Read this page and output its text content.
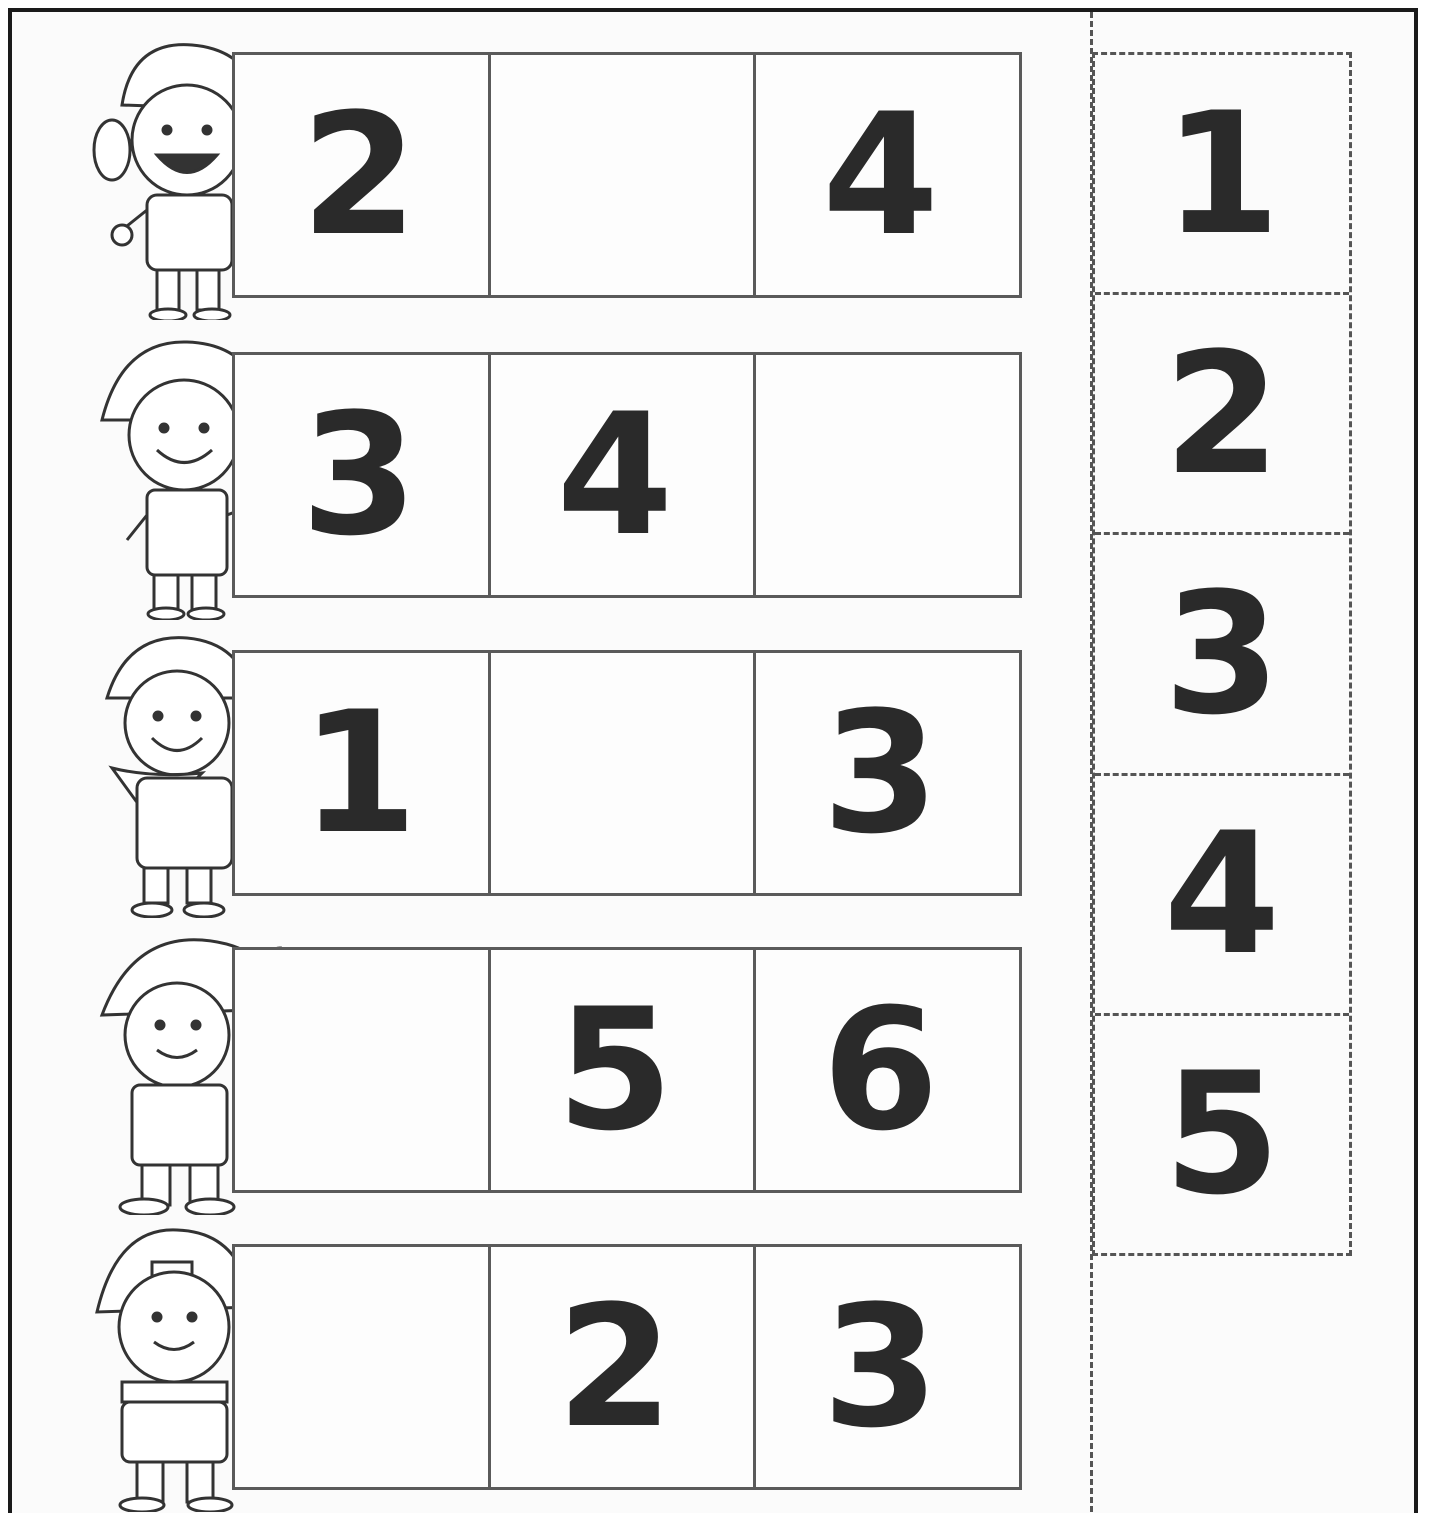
2	4
3 4
1	3
5 6
2 3
1
2
3
4
5
